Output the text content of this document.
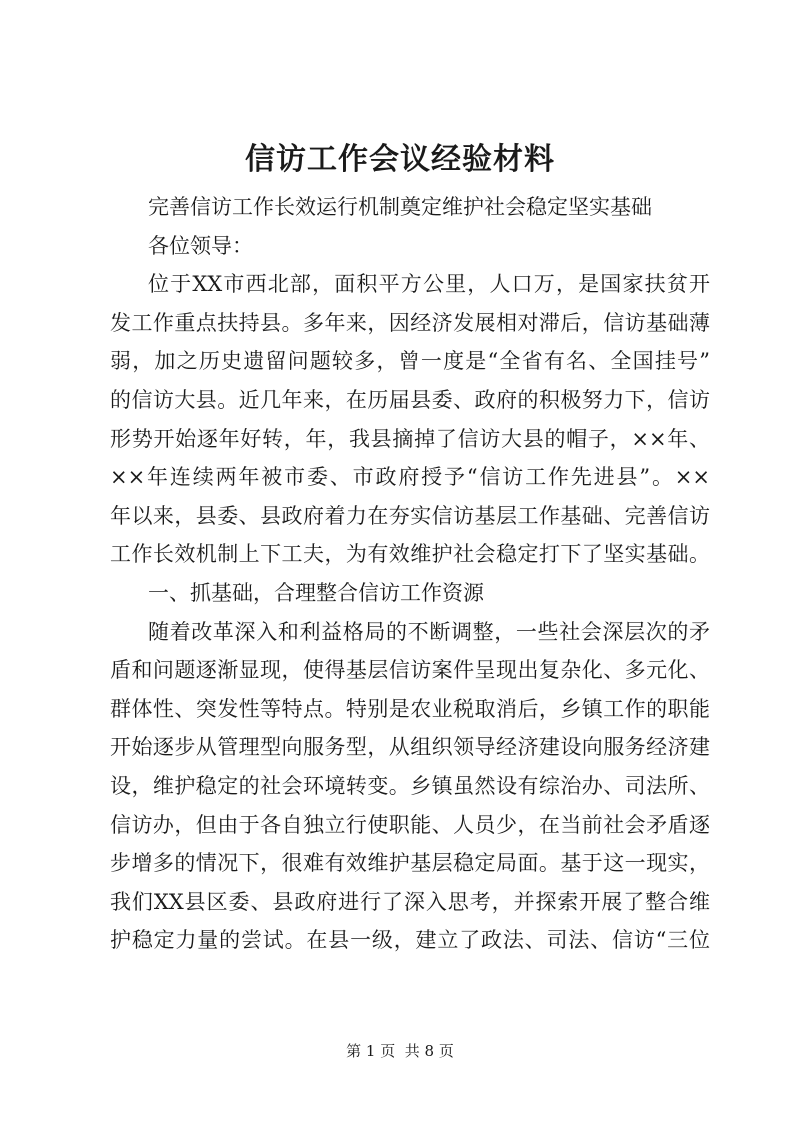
信访工作会议经验材料
完善信访工作长效运行机制奠定维护社会稳定坚实基础
各位领导：
位于XX市西北部，面积平方公里，人口万，是国家扶贫开
发工作重点扶持县。多年来，因经济发展相对滞后，信访基础薄
弱，加之历史遗留问题较多，曾一度是“全省有名、全国挂号”
的信访大县。近几年来，在历届县委、政府的积极努力下，信访
形势开始逐年好转，年，我县摘掉了信访大县的帽子，××年、
××年连续两年被市委、市政府授予“信访工作先进县”。××
年以来，县委、县政府着力在夯实信访基层工作基础、完善信访
工作长效机制上下工夫，为有效维护社会稳定打下了坚实基础。
一、抓基础，合理整合信访工作资源
随着改革深入和利益格局的不断调整，一些社会深层次的矛
盾和问题逐渐显现，使得基层信访案件呈现出复杂化、多元化、
群体性、突发性等特点。特别是农业税取消后，乡镇工作的职能
开始逐步从管理型向服务型，从组织领导经济建设向服务经济建
设，维护稳定的社会环境转变。乡镇虽然设有综治办、司法所、
信访办，但由于各自独立行使职能、人员少，在当前社会矛盾逐
步增多的情况下，很难有效维护基层稳定局面。基于这一现实，
我们XX县区委、县政府进行了深入思考，并探索开展了整合维
护稳定力量的尝试。在县一级，建立了政法、司法、信访“三位
第 1 页  共 8 页
